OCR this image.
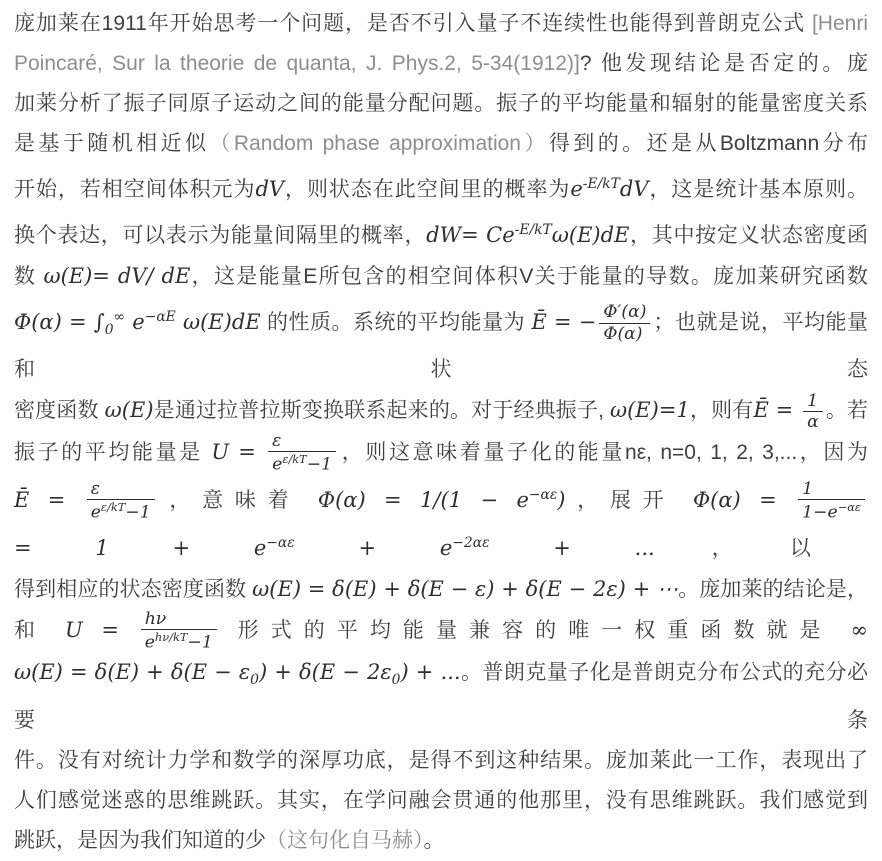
庞加莱在1911年开始思考一个问题，是否不引入量子不连续性也能得到普朗克公式 [Henri
Poincaré, Sur la theorie de quanta, J. Phys.2, 5-34(1912)]? 他发现结论是否定的。庞
加莱分析了振子同原子运动之间的能量分配问题。振子的平均能量和辐射的能量密度关系
是基于随机相近似（Random phase approximation）得到的。还是从Boltzmann分布
开始，若相空间体积元为dV，则状态在此空间里的概率为$e^{-E/kT}dV$，这是统计基本原则。
换个表达，可以表示为能量间隔里的概率，$dW= Ce^{-E/kT}\omega(E)dE$，其中按定义状态密度函
数 ω(E)= dV/ dE，这是能量E所包含的相空间体积V关于能量的导数。庞加莱研究函数
$\Phi(\alpha) = \int_0^\infty$ $e^{-\alpha E}$ ω(E)dE 的性质。系统的平均能量为 Ē = − $\frac{\Phi'(\alpha)}{\Phi(\alpha)}$ ；也就是说，平均能量和状态
密度函数 ω(E)是通过拉普拉斯变换联系起来的。对于经典振子, ω(E)=1，则有Ē = $\frac{1}{\alpha}$ 。若
振子的平均能量是 $U = \frac{\varepsilon}{e^{\varepsilon/kT}-1}$ ，则这意味着量子化的能量nε, n=0, 1, 2, 3,...，因为
Ē = $\frac{\varepsilon}{e^{\varepsilon/kT}-1}$ ，意味着 $\Phi(\alpha) = 1/(1 - e^{-\alpha\varepsilon})$，展开 $\Phi(\alpha) = \frac{1}{1-e^{-\alpha\varepsilon}}$
= $1 + e^{-\alpha\varepsilon} + e^{-2\alpha\varepsilon}$ + ...，以
得到相应的状态密度函数 ω(E) = δ(E) + δ(E − ε) + δ(E − 2ε) + ⋯。庞加莱的结论是，
和 $U = \frac{h\nu}{e^{h\nu/kT}-1}$ 形式的平均能量兼容的唯一权重函数就是 ∞
$\omega(E) = \delta(E) + \delta(E - \varepsilon_0) + \delta(E - 2\varepsilon_0)$ + ...。普朗克量子化是普朗克分布公式的充分必要条
件。没有对统计力学和数学的深厚功底，是得不到这种结果。庞加莱此一工作，表现出了
人们感觉迷惑的思维跳跃。其实，在学问融会贯通的他那里，没有思维跳跃。我们感觉到
跳跃，是因为我们知道的少（这句化自马赫）。
